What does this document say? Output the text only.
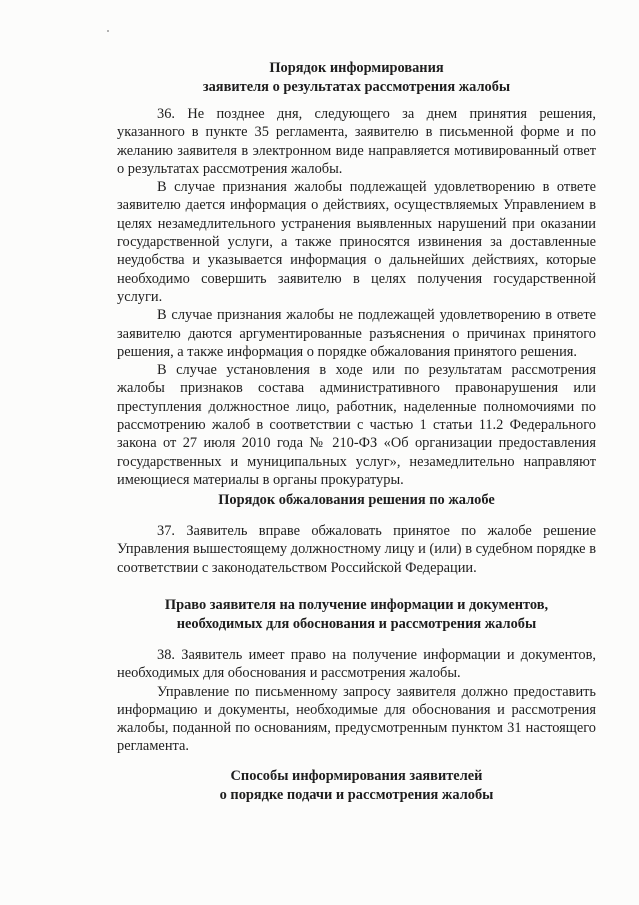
Порядок информирования
заявителя о результатах рассмотрения жалобы

36. Не позднее дня, следующего за днем принятия решения, указанного в пункте 35 регламента, заявителю в письменной форме и по желанию заявителя в электронном виде направляется мотивированный ответ о результатах рассмотрения жалобы.

В случае признания жалобы подлежащей удовлетворению в ответе заявителю дается информация о действиях, осуществляемых Управлением в целях незамедлительного устранения выявленных нарушений при оказании государственной услуги, а также приносятся извинения за доставленные неудобства и указывается информация о дальнейших действиях, которые необходимо совершить заявителю в целях получения государственной услуги.

В случае признания жалобы не подлежащей удовлетворению в ответе заявителю даются аргументированные разъяснения о причинах принятого решения, а также информация о порядке обжалования принятого решения.

В случае установления в ходе или по результатам рассмотрения жалобы признаков состава административного правонарушения или преступления должностное лицо, работник, наделенные полномочиями по рассмотрению жалоб в соответствии с частью 1 статьи 11.2 Федерального закона от 27 июля 2010 года № 210-ФЗ «Об организации предоставления государственных и муниципальных услуг», незамедлительно направляют имеющиеся материалы в органы прокуратуры.

Порядок обжалования решения по жалобе

37. Заявитель вправе обжаловать принятое по жалобе решение Управления вышестоящему должностному лицу и (или) в судебном порядке в соответствии с законодательством Российской Федерации.

Право заявителя на получение информации и документов,
необходимых для обоснования и рассмотрения жалобы

38. Заявитель имеет право на получение информации и документов, необходимых для обоснования и рассмотрения жалобы.

Управление по письменному запросу заявителя должно предоставить информацию и документы, необходимые для обоснования и рассмотрения жалобы, поданной по основаниям, предусмотренным пунктом 31 настоящего регламента.

Способы информирования заявителей
о порядке подачи и рассмотрения жалобы
